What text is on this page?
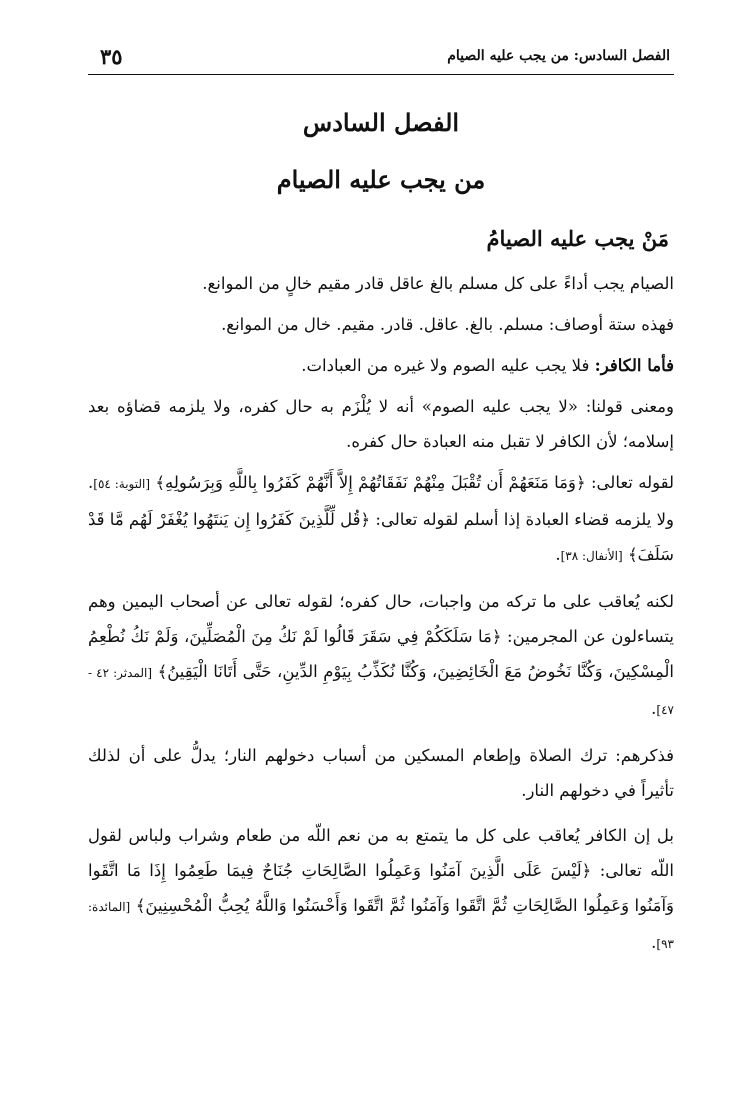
٣٥	الفصل السادس: من يجب عليه الصيام
الفصل السادس
من يجب عليه الصيام
مَنْ يجب عليه الصيامُ

الصيام يجب أداءً على كل مسلم بالغ عاقل قادر مقيم خالٍ من الموانع.

فهذه ستة أوصاف: مسلم. بالغ. عاقل. قادر. مقيم. خال من الموانع.

فأما الكافر: فلا يجب عليه الصوم ولا غيره من العبادات.

ومعنى قولنا: «لا يجب عليه الصوم» أنه لا يُلْزَم به حال كفره، ولا يلزمه قضاؤه بعد إسلامه؛ لأن الكافر لا تقبل منه العبادة حال كفره.

لقوله تعالى: ﴿وَمَا مَنَعَهُمْ أَن تُقْبَلَ مِنْهُمْ نَفَقَاتُهُمْ إِلاَّ أَنَّهُمْ كَفَرُوا بِاللَّهِ وَبِرَسُولِهِ﴾ [التوبة: ٥٤]. ولا يلزمه قضاء العبادة إذا أسلم لقوله تعالى: ﴿قُل لِّلَّذِينَ كَفَرُوا إِن يَنتَهُوا يُغْفَرْ لَهُم مَّا قَدْ سَلَفَ﴾ [الأنفال: ٣٨].

لكنه يُعاقب على ما تركه من واجبات، حال كفره؛ لقوله تعالى عن أصحاب اليمين وهم يتساءلون عن المجرمين: ﴿مَا سَلَكَكُمْ فِي سَقَرَ قَالُوا لَمْ نَكُ مِنَ الْمُصَلِّينَ، وَلَمْ نَكُ نُطْعِمُ الْمِسْكِينَ، وَكُنَّا نَخُوضُ مَعَ الْخَائِضِينَ، وَكُنَّا نُكَذِّبُ بِيَوْمِ الدِّينِ، حَتَّى أَتَانَا الْيَقِينُ﴾ [المدثر: ٤٢ - ٤٧].

فذكرهم: ترك الصلاة وإطعام المسكين من أسباب دخولهم النار؛ يدلُّ على أن لذلك تأثيراً في دخولهم النار.

بل إن الكافر يُعاقب على كل ما يتمتع به من نعم اللّه من طعام وشراب ولباس لقول اللّه تعالى: ﴿لَيْسَ عَلَى الَّذِينَ آمَنُوا وَعَمِلُوا الصَّالِحَاتِ جُنَاحٌ فِيمَا طَعِمُوا إِذَا مَا اتَّقَوا وَآمَنُوا وَعَمِلُوا الصَّالِحَاتِ ثُمَّ اتَّقَوا وَآمَنُوا ثُمَّ اتَّقَوا وَأَحْسَنُوا وَاللَّهُ يُحِبُّ الْمُحْسِنِينَ﴾ [المائدة: ٩٣].
